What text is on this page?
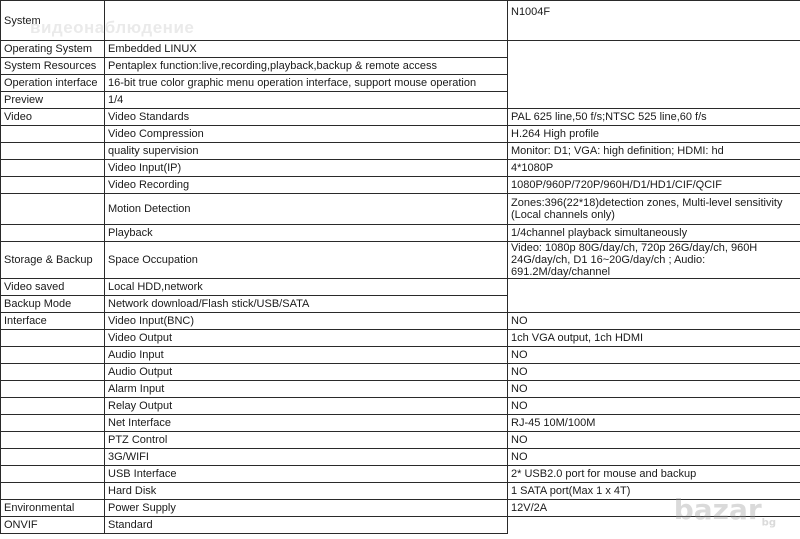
System		N1004F
Operating System	Embedded LINUX	
System Resources	Pentaplex function:live,recording,playback,backup & remote access	
Operation interface	16-bit true color graphic menu operation interface, support mouse operation	
Preview	1/4	
Video	Video Standards	PAL 625 line,50 f/s;NTSC 525 line,60 f/s
	Video Compression	H.264 High profile
	quality supervision	Monitor: D1; VGA: high definition; HDMI: hd
	Video Input(IP)	4*1080P
	Video Recording	1080P/960P/720P/960H/D1/HD1/CIF/QCIF
	Motion Detection	Zones:396(22*18)detection zones, Multi-level sensitivity (Local channels only)
	Playback	1/4channel playback simultaneously
Storage & Backup	Space Occupation	Video: 1080p 80G/day/ch, 720p 26G/day/ch, 960H 24G/day/ch, D1 16~20G/day/ch ; Audio: 691.2M/day/channel
Video saved	Local HDD,network	
Backup Mode	Network download/Flash stick/USB/SATA	
Interface	Video Input(BNC)	NO
	Video Output	1ch VGA output, 1ch HDMI
	Audio Input	NO
	Audio Output	NO
	Alarm Input	NO
	Relay Output	NO
	Net Interface	RJ-45 10M/100M
	PTZ Control	NO
	3G/WIFI	NO
	USB Interface	2* USB2.0 port for mouse and backup
	Hard Disk	1 SATA port(Max 1 x 4T)
Environmental	Power Supply	12V/2A
ONVIF	Standard	
видеонаблюдение
bazar$_{bg}$
